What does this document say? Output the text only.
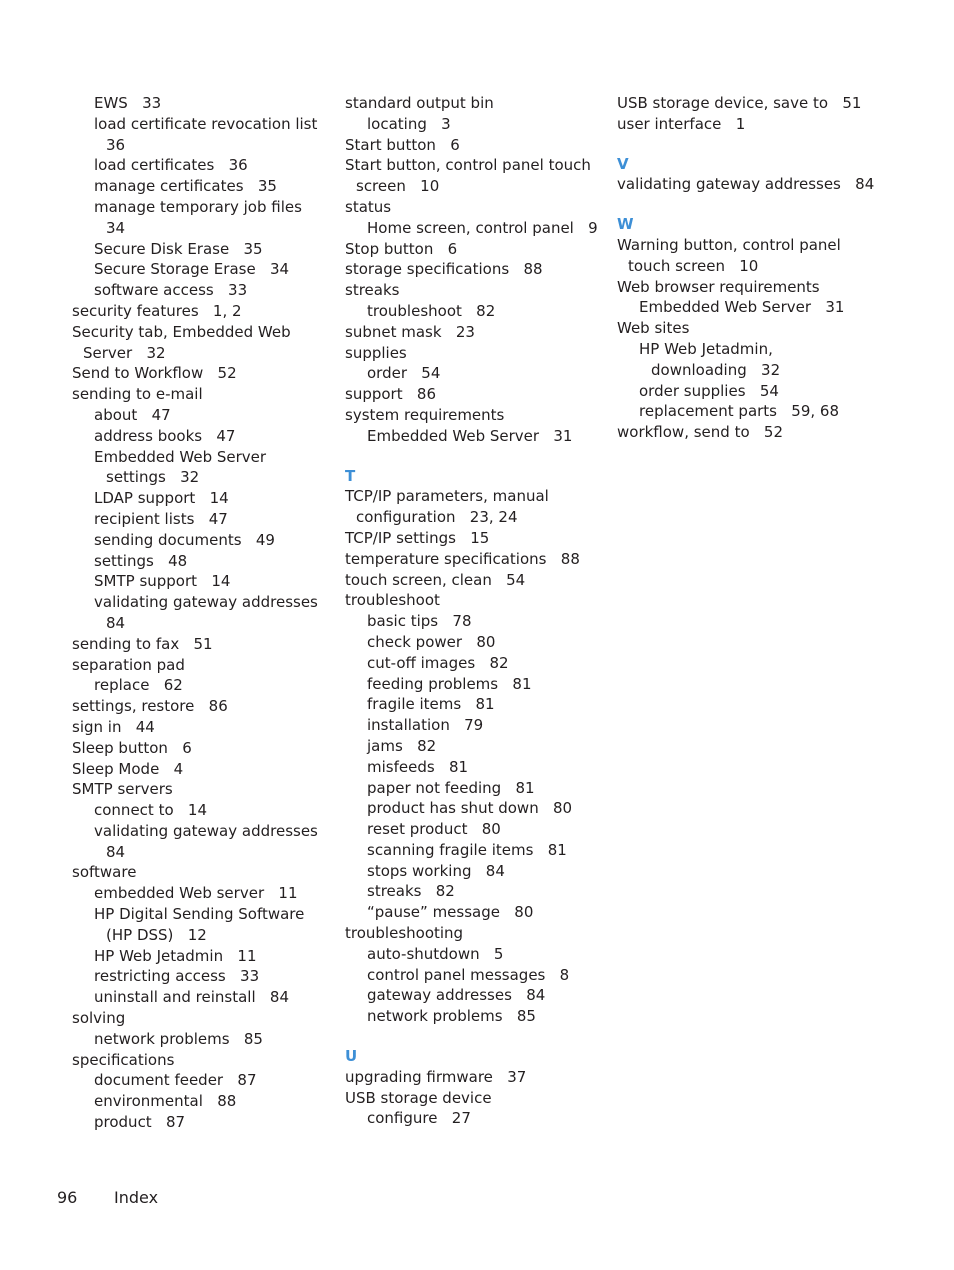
EWS   33
load certificate revocation list
36
load certificates   36
manage certificates   35
manage temporary job files
34
Secure Disk Erase   35
Secure Storage Erase   34
software access   33
security features   1, 2
Security tab, Embedded Web
Server   32
Send to Workflow   52
sending to e-mail
about   47
address books   47
Embedded Web Server
settings   32
LDAP support   14
recipient lists   47
sending documents   49
settings   48
SMTP support   14
validating gateway addresses
84
sending to fax   51
separation pad
replace   62
settings, restore   86
sign in   44
Sleep button   6
Sleep Mode   4
SMTP servers
connect to   14
validating gateway addresses
84
software
embedded Web server   11
HP Digital Sending Software
(HP DSS)   12
HP Web Jetadmin   11
restricting access   33
uninstall and reinstall   84
solving
network problems   85
specifications
document feeder   87
environmental   88
product   87
standard output bin
locating   3
Start button   6
Start button, control panel touch
screen   10
status
Home screen, control panel   9
Stop button   6
storage specifications   88
streaks
troubleshoot   82
subnet mask   23
supplies
order   54
support   86
system requirements
Embedded Web Server   31
T
TCP/IP parameters, manual
configuration   23, 24
TCP/IP settings   15
temperature specifications   88
touch screen, clean   54
troubleshoot
basic tips   78
check power   80
cut-off images   82
feeding problems   81
fragile items   81
installation   79
jams   82
misfeeds   81
paper not feeding   81
product has shut down   80
reset product   80
scanning fragile items   81
stops working   84
streaks   82
“pause” message   80
troubleshooting
auto-shutdown   5
control panel messages   8
gateway addresses   84
network problems   85
U
upgrading firmware   37
USB storage device
configure   27
USB storage device, save to   51
user interface   1
V
validating gateway addresses   84
W
Warning button, control panel
touch screen   10
Web browser requirements
Embedded Web Server   31
Web sites
HP Web Jetadmin,
downloading   32
order supplies   54
replacement parts   59, 68
workflow, send to   52
96 Index
